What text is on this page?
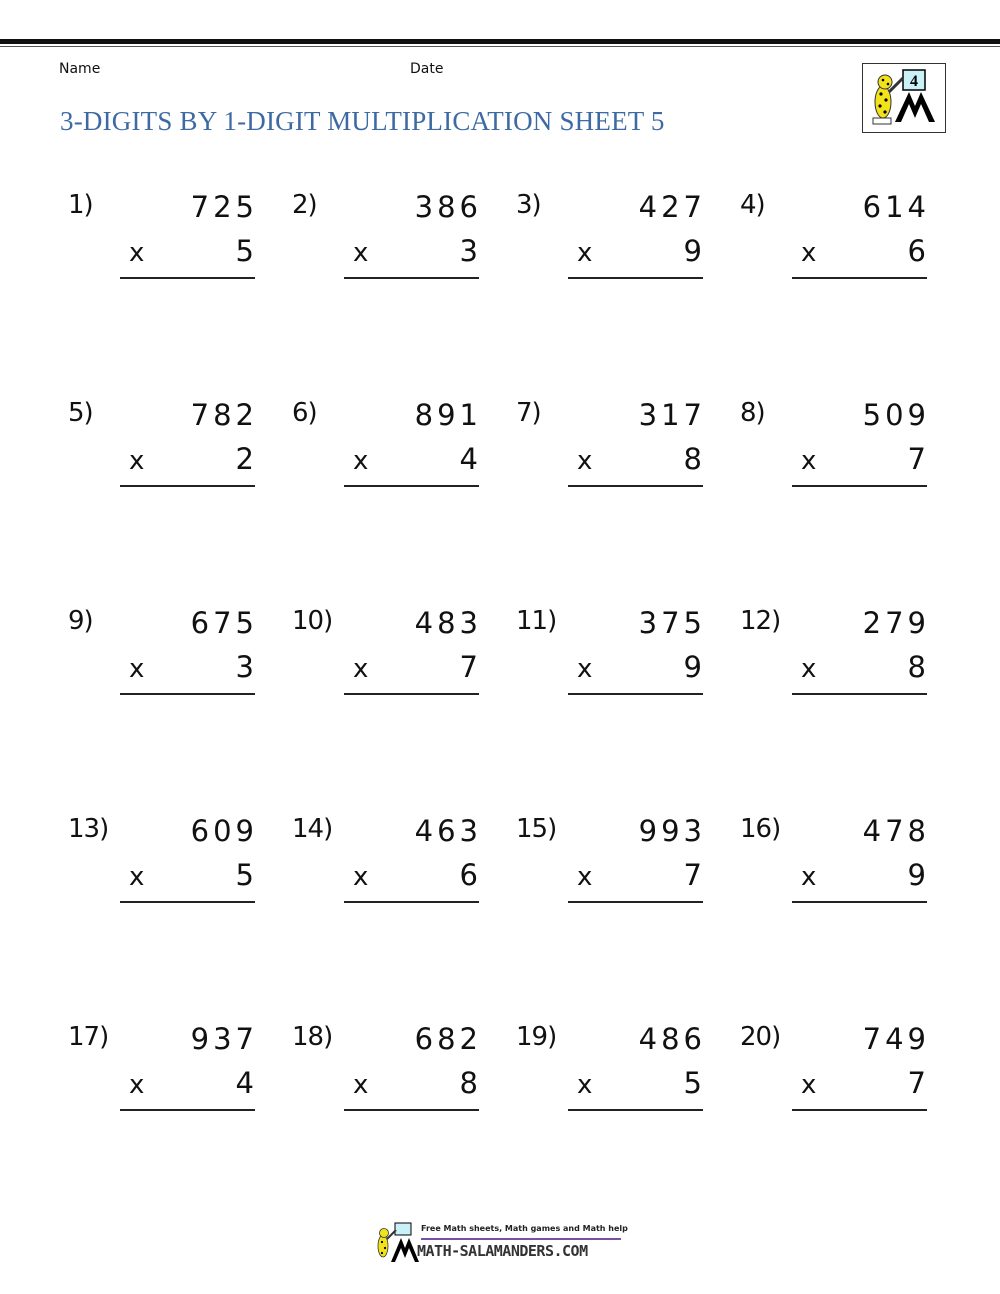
Name	Date
3-DIGITS BY 1-DIGIT MULTIPLICATION SHEET 5
4
1)	725
x	5
2)	386
x	3
3)	427
x	9
4)	614
x	6
5)	782
x	2
6)	891
x	4
7)	317
x	8
8)	509
x	7
9)	675
x	3
10)	483
x	7
11)	375
x	9
12)	279
x	8
13)	609
x	5
14)	463
x	6
15)	993
x	7
16)	478
x	9
17)	937
x	4
18)	682
x	8
19)	486
x	5
20)	749
x	7
Free Math sheets, Math games and Math help
MATH-SALAMANDERS.COM
